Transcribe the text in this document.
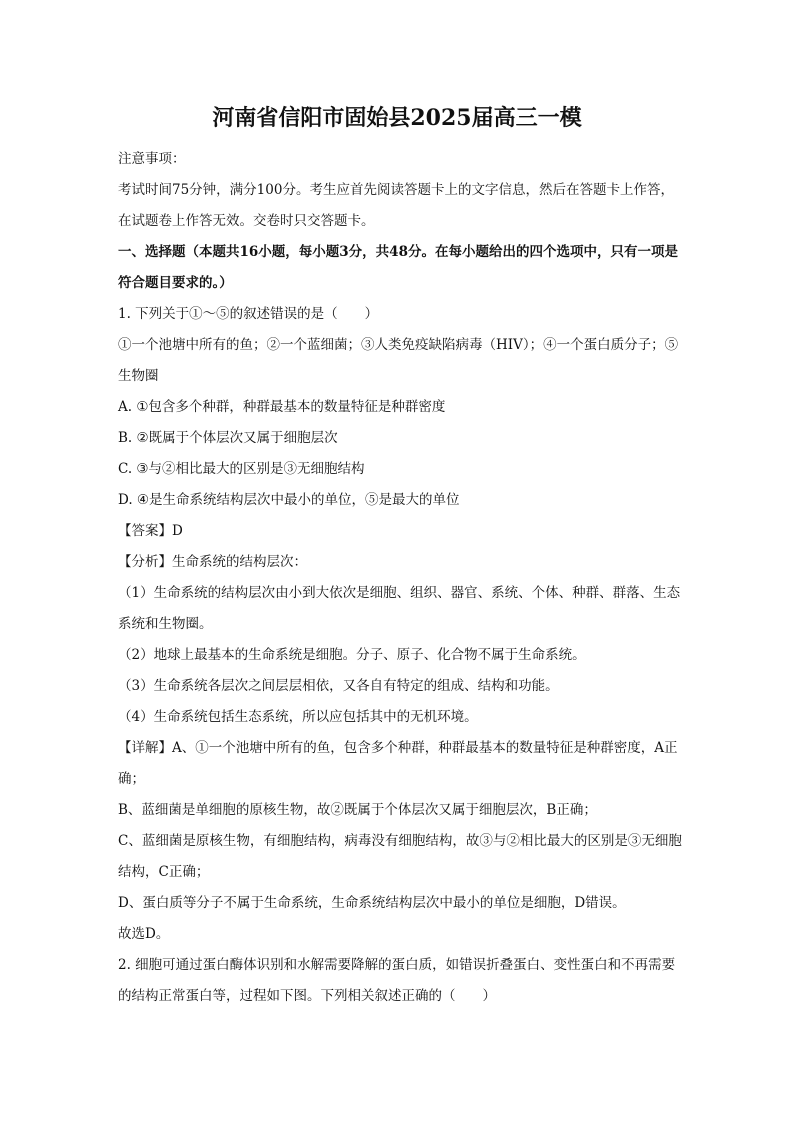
河南省信阳市固始县2025届高三一模

注意事项：

考试时间75分钟，满分100分。考生应首先阅读答题卡上的文字信息，然后在答题卡上作答，在试题卷上作答无效。交卷时只交答题卡。

一、选择题（本题共16小题，每小题3分，共48分。在每小题给出的四个选项中，只有一项是符合题目要求的。）

1. 下列关于①～⑤的叙述错误的是（　　）

①一个池塘中所有的鱼；②一个蓝细菌；③人类免疫缺陷病毒（HIV）；④一个蛋白质分子；⑤生物圈

A. ①包含多个种群，种群最基本的数量特征是种群密度

B. ②既属于个体层次又属于细胞层次

C. ③与②相比最大的区别是③无细胞结构

D. ④是生命系统结构层次中最小的单位，⑤是最大的单位

【答案】D

【分析】生命系统的结构层次：

（1）生命系统的结构层次由小到大依次是细胞、组织、器官、系统、个体、种群、群落、生态系统和生物圈。

（2）地球上最基本的生命系统是细胞。分子、原子、化合物不属于生命系统。

（3）生命系统各层次之间层层相依，又各自有特定的组成、结构和功能。

（4）生命系统包括生态系统，所以应包括其中的无机环境。

【详解】A、①一个池塘中所有的鱼，包含多个种群，种群最基本的数量特征是种群密度，A正确；

B、蓝细菌是单细胞的原核生物，故②既属于个体层次又属于细胞层次，B正确；

C、蓝细菌是原核生物，有细胞结构，病毒没有细胞结构，故③与②相比最大的区别是③无细胞结构，C正确；

D、蛋白质等分子不属于生命系统，生命系统结构层次中最小的单位是细胞，D错误。

故选D。

2. 细胞可通过蛋白酶体识别和水解需要降解的蛋白质，如错误折叠蛋白、变性蛋白和不再需要的结构正常蛋白等，过程如下图。下列相关叙述正确的（　　）
